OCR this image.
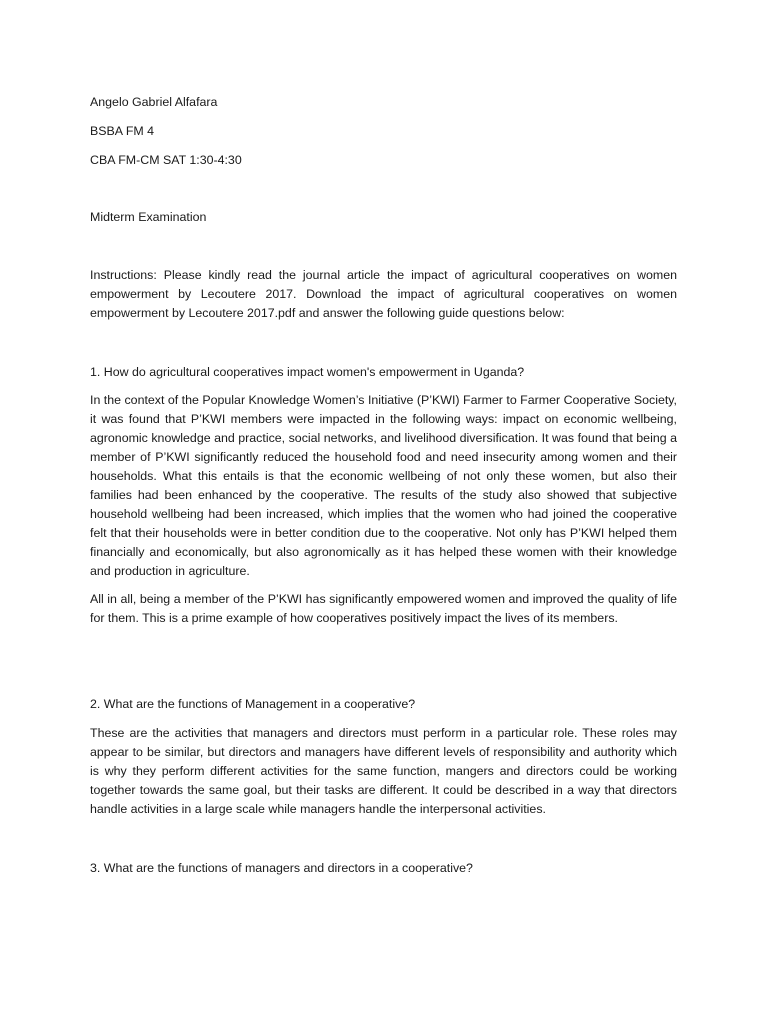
Angelo Gabriel Alfafara

BSBA FM 4

CBA FM-CM SAT 1:30-4:30

Midterm Examination

Instructions: Please kindly read the journal article the impact of agricultural cooperatives on women empowerment by Lecoutere 2017. Download the impact of agricultural cooperatives on women empowerment by Lecoutere 2017.pdf and answer the following guide questions below:

1. How do agricultural cooperatives impact women's empowerment in Uganda?

In the context of the Popular Knowledge Women’s Initiative (P’KWI) Farmer to Farmer Cooperative Society, it was found that P’KWI members were impacted in the following ways: impact on economic wellbeing, agronomic knowledge and practice, social networks, and livelihood diversification. It was found that being a member of P’KWI significantly reduced the household food and need insecurity among women and their households. What this entails is that the economic wellbeing of not only these women, but also their families had been enhanced by the cooperative. The results of the study also showed that subjective household wellbeing had been increased, which implies that the women who had joined the cooperative felt that their households were in better condition due to the cooperative. Not only has P’KWI helped them financially and economically, but also agronomically as it has helped these women with their knowledge and production in agriculture.

All in all, being a member of the P’KWI has significantly empowered women and improved the quality of life for them. This is a prime example of how cooperatives positively impact the lives of its members.

2. What are the functions of Management in a cooperative?

These are the activities that managers and directors must perform in a particular role. These roles may appear to be similar, but directors and managers have different levels of responsibility and authority which is why they perform different activities for the same function, mangers and directors could be working together towards the same goal, but their tasks are different. It could be described in a way that directors handle activities in a large scale while managers handle the interpersonal activities.

3. What are the functions of managers and directors in a cooperative?
